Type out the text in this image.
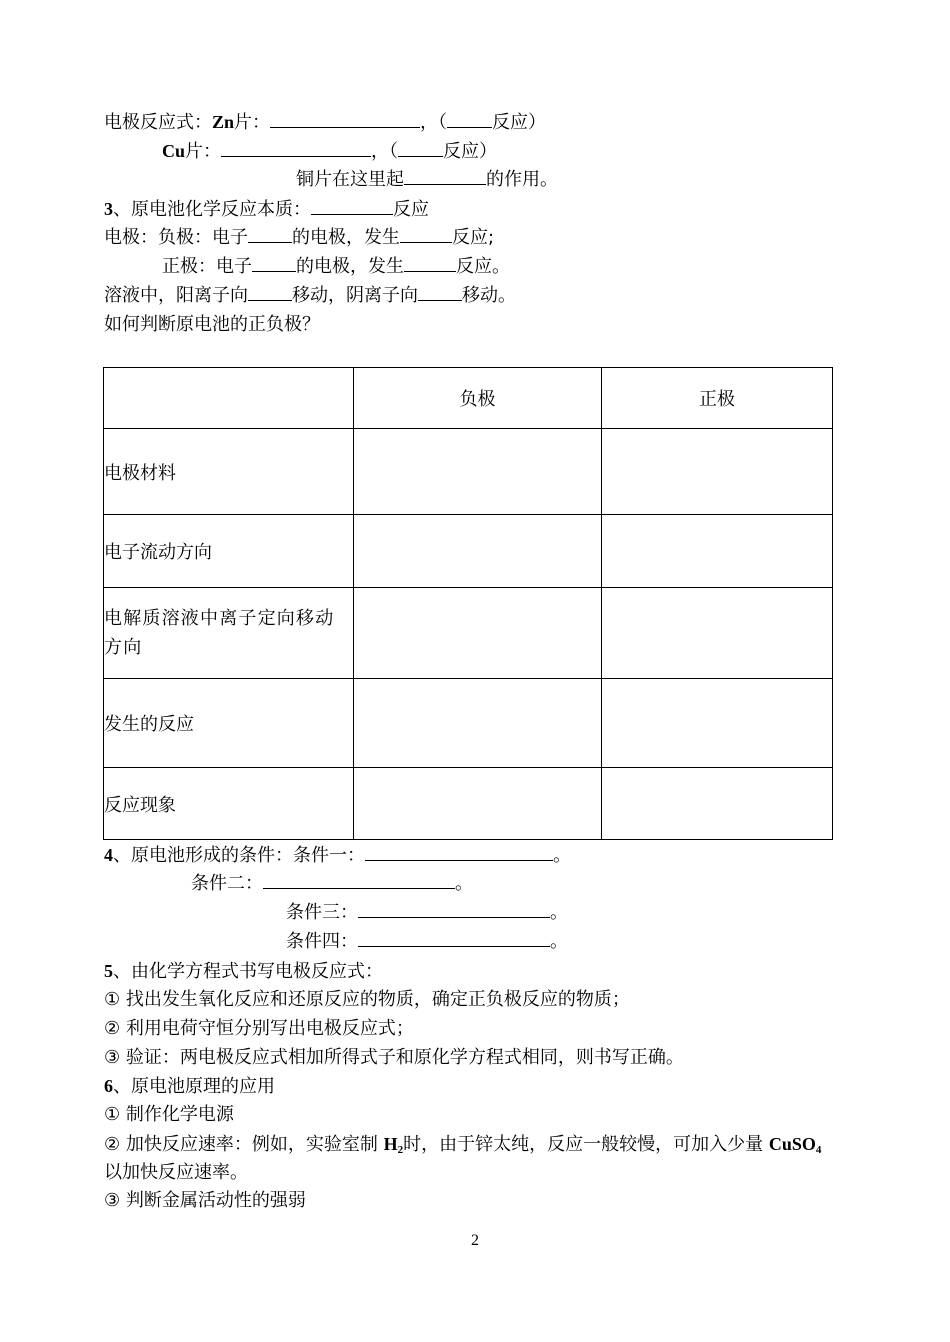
电极反应式：Zn片：	，（	反应）
Cu片：	，（	反应）
铜片在这里起	的作用。
3、原电池化学反应本质：	反应
电极：负极：电子 的电极，发生	反应;
正极：电子 的电极，发生	反应。
溶液中，阳离子向 移动，阴离子向 移动。
如何判断原电池的正负极？
	负极	正极
电极材料		
电子流动方向		
电解质溶液中离子定向移动方向		
发生的反应		
反应现象		
4、原电池形成的条件：条件一：	。
条件二：	。
条件三：	。
条件四：	。
5、由化学方程式书写电极反应式：
① 找出发生氧化反应和还原反应的物质，确定正负极反应的物质；
② 利用电荷守恒分别写出电极反应式；
③ 验证：两电极反应式相加所得式子和原化学方程式相同，则书写正确。
6、原电池原理的应用
① 制作化学电源
② 加快反应速率：例如，实验室制 $H_2$时，由于锌太纯，反应一般较慢，可加入少量 CuSO$_4$
以加快反应速率。
③ 判断金属活动性的强弱
2
